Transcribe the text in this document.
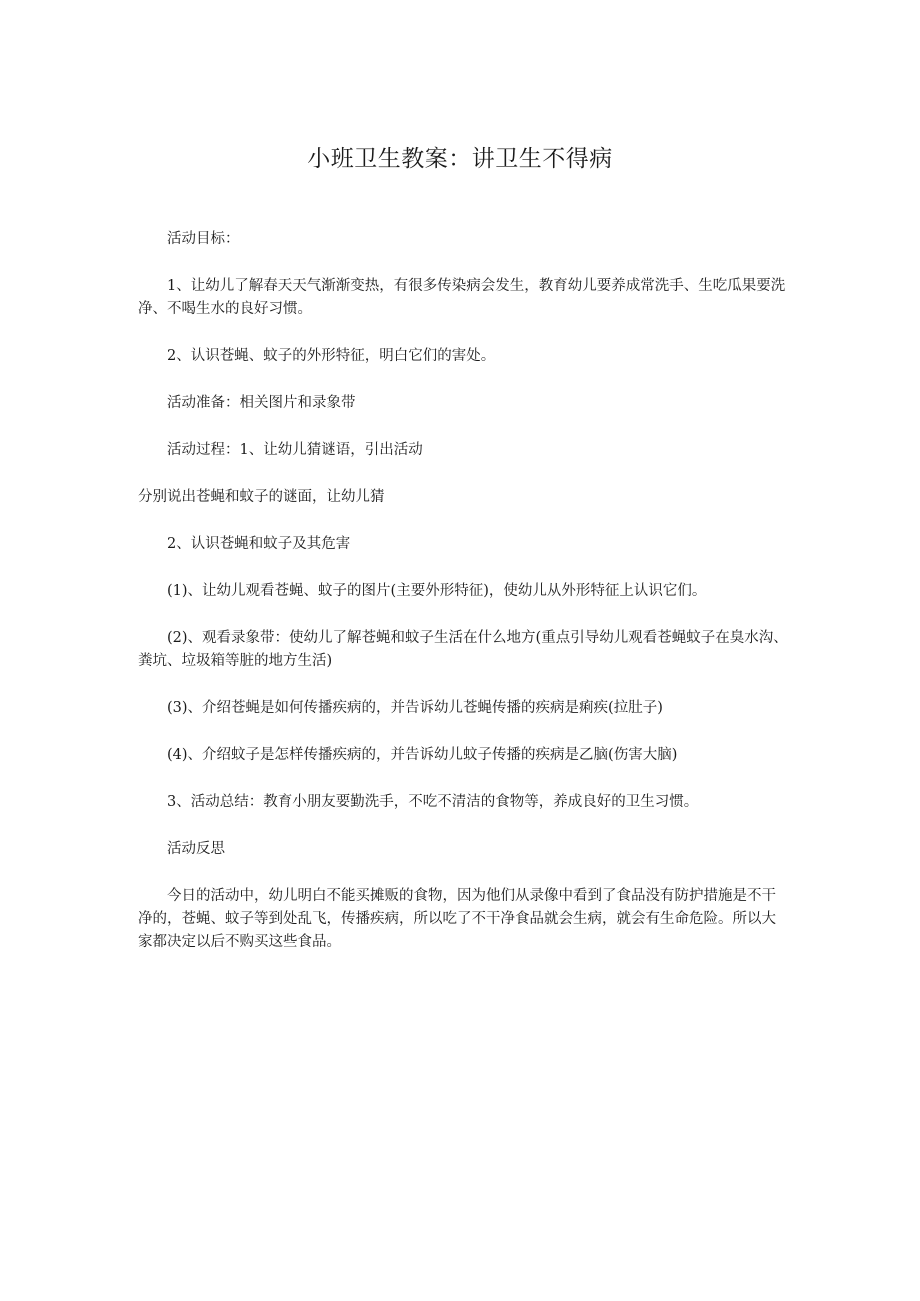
小班卫生教案：讲卫生不得病

活动目标：

1、让幼儿了解春天天气渐渐变热，有很多传染病会发生，教育幼儿要养成常洗手、生吃瓜果要洗净、不喝生水的良好习惯。

2、认识苍蝇、蚊子的外形特征，明白它们的害处。

活动准备：相关图片和录象带

活动过程：1、让幼儿猜谜语，引出活动

分别说出苍蝇和蚊子的谜面，让幼儿猜

2、认识苍蝇和蚊子及其危害

(1)、让幼儿观看苍蝇、蚊子的图片(主要外形特征)，使幼儿从外形特征上认识它们。

(2)、观看录象带：使幼儿了解苍蝇和蚊子生活在什么地方(重点引导幼儿观看苍蝇蚊子在臭水沟、粪坑、垃圾箱等脏的地方生活)

(3)、介绍苍蝇是如何传播疾病的，并告诉幼儿苍蝇传播的疾病是痢疾(拉肚子)

(4)、介绍蚊子是怎样传播疾病的，并告诉幼儿蚊子传播的疾病是乙脑(伤害大脑)

3、活动总结：教育小朋友要勤洗手，不吃不清洁的食物等，养成良好的卫生习惯。

活动反思

今日的活动中，幼儿明白不能买摊贩的食物，因为他们从录像中看到了食品没有防护措施是不干净的，苍蝇、蚊子等到处乱飞，传播疾病，所以吃了不干净食品就会生病，就会有生命危险。所以大家都决定以后不购买这些食品。
